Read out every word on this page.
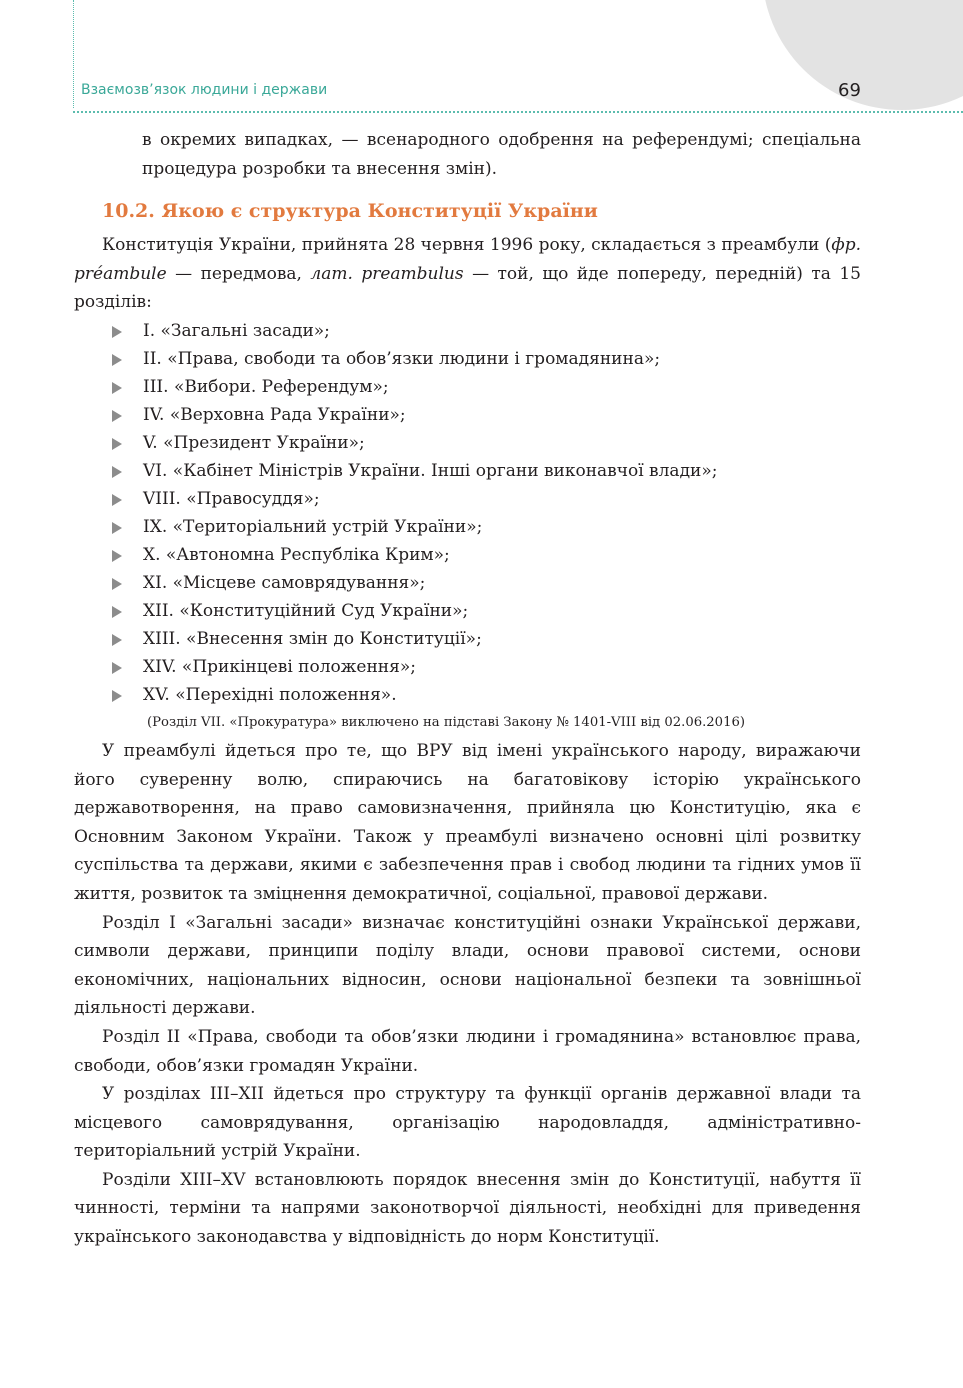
Взаємозв’язок людини і держави	69

в окремих випадках, — всенародного одобрення на референдумі; спеціальна процедура розробки та внесення змін).

10.2. Якою є структура Конституції України

Конституція України, прийнята 28 червня 1996 року, складається з преамбули (фр. préambule — передмова, лат. preambulus — той, що йде попереду, передній) та 15 розділів:

I. «Загальні засади»;
II. «Права, свободи та обов’язки людини і громадянина»;
III. «Вибори. Референдум»;
IV. «Верховна Рада України»;
V. «Президент України»;
VI. «Кабінет Міністрів України. Інші органи виконавчої влади»;
VIII. «Правосуддя»;
IX. «Територіальний устрій України»;
X. «Автономна Республіка Крим»;
XI. «Місцеве самоврядування»;
XII. «Конституційний Суд України»;
XIII. «Внесення змін до Конституції»;
XIV. «Прикінцеві положення»;
XV. «Перехідні положення».

(Розділ VII. «Прокуратура» виключено на підставі Закону № 1401-VIII від 02.06.2016)

У преамбулі йдеться про те, що ВРУ від імені українського народу, виражаючи його суверенну волю, спираючись на багатовікову історію українського державотворення, на право самовизначення, прийняла цю Конституцію, яка є Основним Законом України. Також у преамбулі визначено основні цілі розвитку суспільства та держави, якими є забезпечення прав і свобод людини та гідних умов її життя, розвиток та зміцнення демократичної, соціальної, правової держави.

Розділ I «Загальні засади» визначає конституційні ознаки Української держави, символи держави, принципи поділу влади, основи правової системи, основи економічних, національних відносин, основи національної безпеки та зовнішньої діяльності держави.

Розділ II «Права, свободи та обов’язки людини і громадянина» встановлює права, свободи, обов’язки громадян України.

У розділах III–XII йдеться про структуру та функції органів державної влади та місцевого самоврядування, організацію народовладдя, адміністративно-територіальний устрій України.

Розділи XIII–XV встановлюють порядок внесення змін до Конституції, набуття її чинності, терміни та напрями законотворчої діяльності, необхідні для приведення українського законодавства у відповідність до норм Конституції.
